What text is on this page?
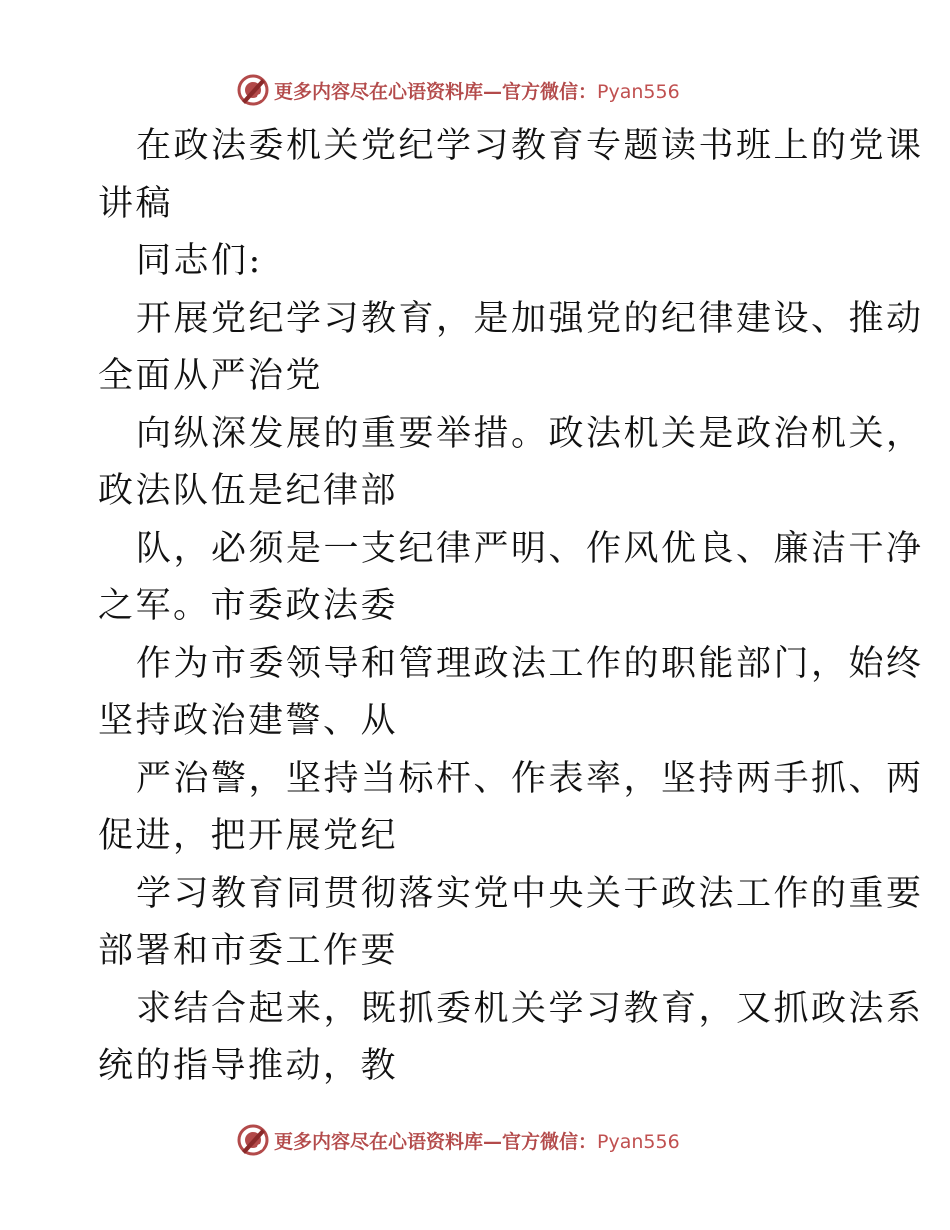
更多内容尽在心语资料库—官方微信：Pyan556
在政法委机关党纪学习教育专题读书班上的党课
讲稿
同志们:
开展党纪学习教育，是加强党的纪律建设、推动
全面从严治党
向纵深发展的重要举措。政法机关是政治机关，
政法队伍是纪律部
队，必须是一支纪律严明、作风优良、廉洁干净
之军。市委政法委
作为市委领导和管理政法工作的职能部门，始终
坚持政治建警、从
严治警，坚持当标杆、作表率，坚持两手抓、两
促进，把开展党纪
学习教育同贯彻落实党中央关于政法工作的重要
部署和市委工作要
求结合起来，既抓委机关学习教育，又抓政法系
统的指导推动，教
更多内容尽在心语资料库—官方微信：Pyan556
